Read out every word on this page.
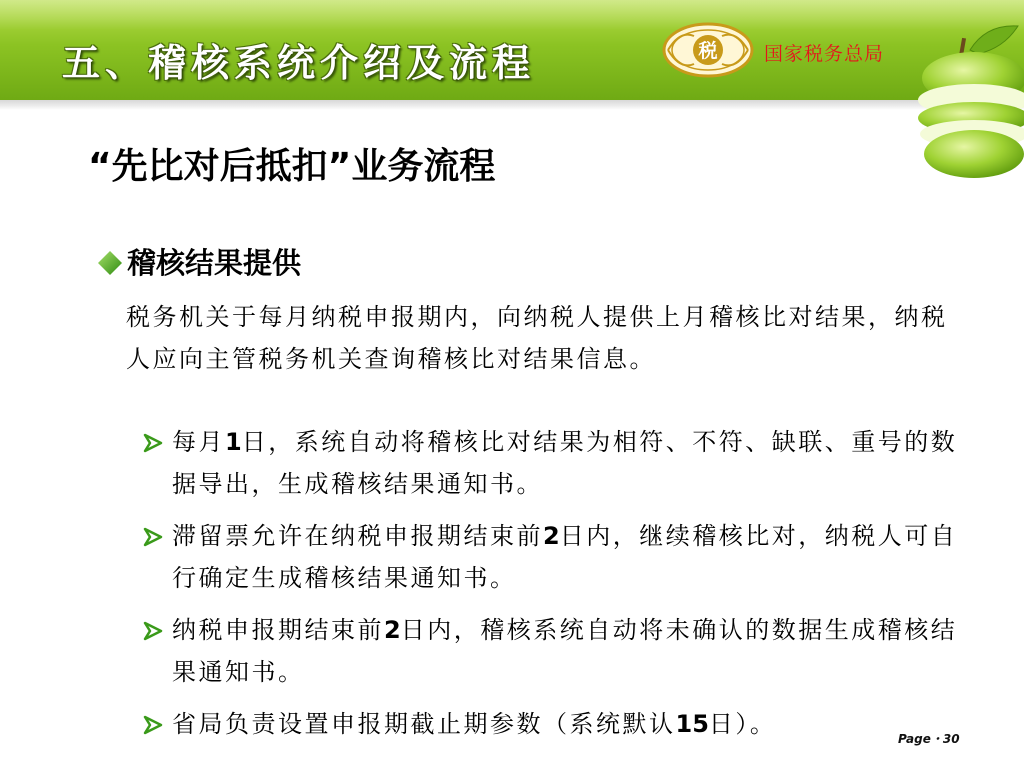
五、稽核系统介绍及流程	税 国家税务总局
“先比对后抵扣”业务流程
稽核结果提供
税务机关于每月纳税申报期内，向纳税人提供上月稽核比对结果，纳税人应向主管税务机关查询稽核比对结果信息。
每月1日，系统自动将稽核比对结果为相符、不符、缺联、重号的数据导出，生成稽核结果通知书。
滞留票允许在纳税申报期结束前2日内，继续稽核比对，纳税人可自行确定生成稽核结果通知书。
纳税申报期结束前2日内，稽核系统自动将未确认的数据生成稽核结果通知书。
省局负责设置申报期截止期参数（系统默认15日）。
Page・30
